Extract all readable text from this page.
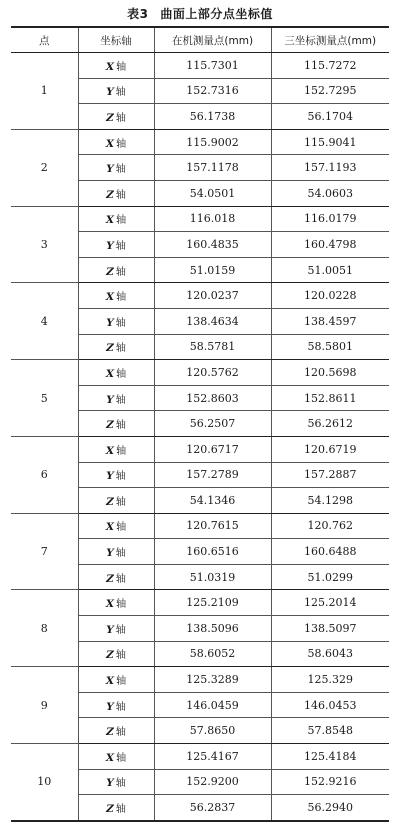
表3 曲面上部分点坐标值
点	坐标轴	在机测量点(mm)	三坐标测量点(mm)
1	X 轴	115.7301	115.7272
	Y 轴	152.7316	152.7295
	Z 轴	56.1738	56.1704
2	X 轴	115.9002	115.9041
	Y 轴	157.1178	157.1193
	Z 轴	54.0501	54.0603
3	X 轴	116.018	116.0179
	Y 轴	160.4835	160.4798
	Z 轴	51.0159	51.0051
4	X 轴	120.0237	120.0228
	Y 轴	138.4634	138.4597
	Z 轴	58.5781	58.5801
5	X 轴	120.5762	120.5698
	Y 轴	152.8603	152.8611
	Z 轴	56.2507	56.2612
6	X 轴	120.6717	120.6719
	Y 轴	157.2789	157.2887
	Z 轴	54.1346	54.1298
7	X 轴	120.7615	120.762
	Y 轴	160.6516	160.6488
	Z 轴	51.0319	51.0299
8	X 轴	125.2109	125.2014
	Y 轴	138.5096	138.5097
	Z 轴	58.6052	58.6043
9	X 轴	125.3289	125.329
	Y 轴	146.0459	146.0453
	Z 轴	57.8650	57.8548
10	X 轴	125.4167	125.4184
	Y 轴	152.9200	152.9216
	Z 轴	56.2837	56.2940
